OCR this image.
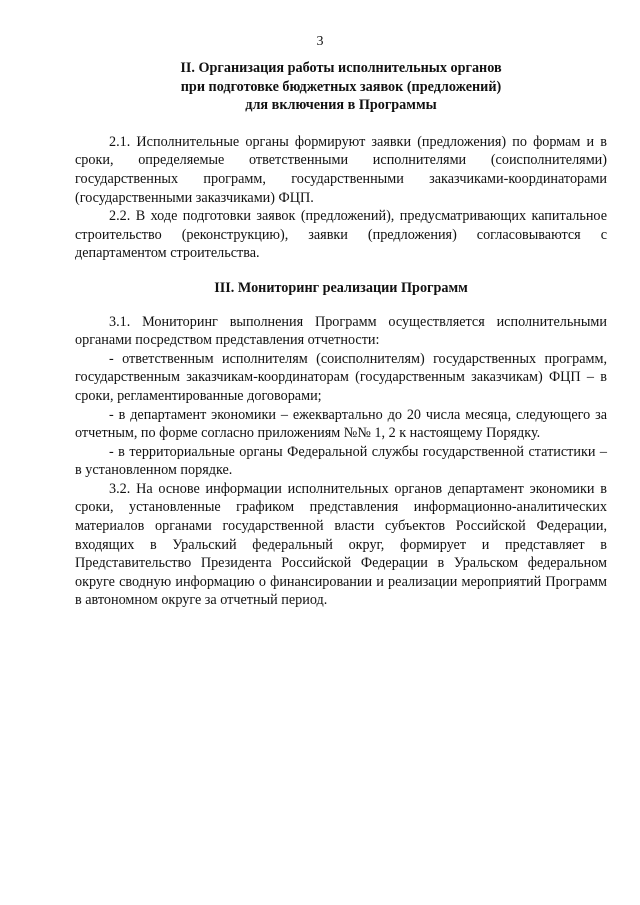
3
II. Организация работы исполнительных органов
при подготовке бюджетных заявок (предложений)
для включения в Программы

2.1. Исполнительные органы формируют заявки (предложения) по формам и в сроки, определяемые ответственными исполнителями (соисполнителями) государственных программ, государственными заказчиками-координаторами (государственными заказчиками) ФЦП.

2.2. В ходе подготовки заявок (предложений), предусматривающих капитальное строительство (реконструкцию), заявки (предложения) согласовываются с департаментом строительства.

III. Мониторинг реализации Программ

3.1. Мониторинг выполнения Программ осуществляется исполнительными органами посредством представления отчетности:

- ответственным исполнителям (соисполнителям) государственных программ, государственным заказчикам-координаторам (государственным заказчикам) ФЦП – в сроки, регламентированные договорами;

- в департамент экономики – ежеквартально до 20 числа месяца, следующего за отчетным, по форме согласно приложениям №№ 1, 2 к настоящему Порядку.

- в территориальные органы Федеральной службы государственной статистики – в установленном порядке.

3.2. На основе информации исполнительных органов департамент экономики в сроки, установленные графиком представления информационно-аналитических материалов органами государственной власти субъектов Российской Федерации, входящих в Уральский федеральный округ, формирует и представляет в Представительство Президента Российской Федерации в Уральском федеральном округе сводную информацию о финансировании и реализации мероприятий Программ в автономном округе за отчетный период.
